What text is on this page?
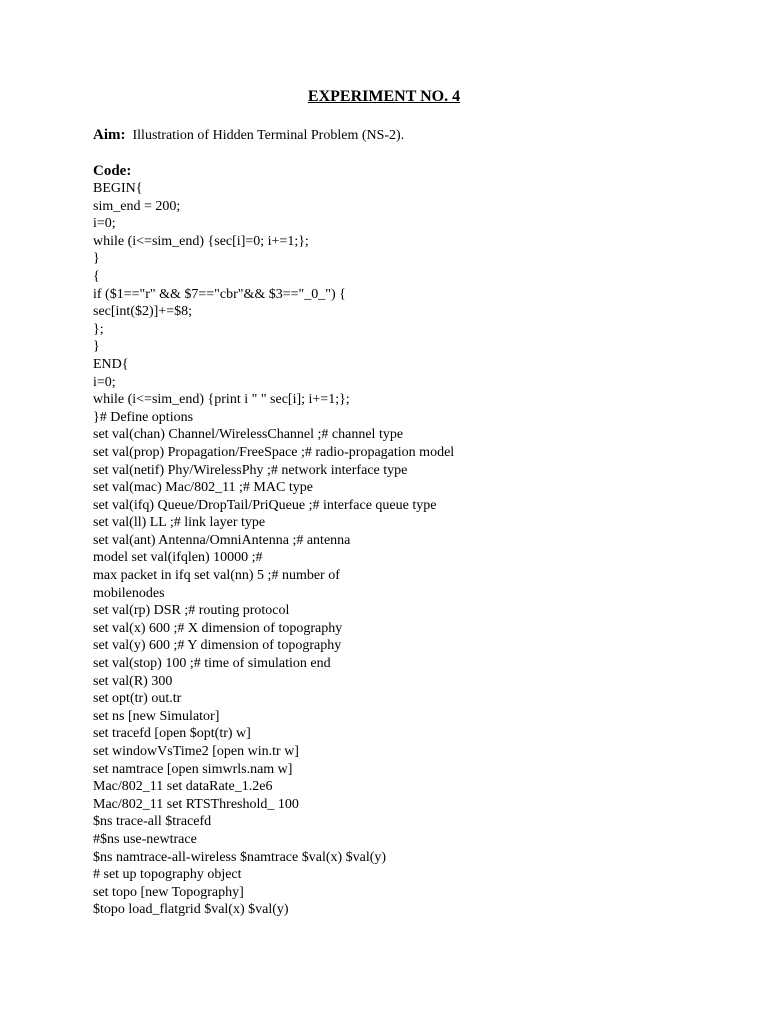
EXPERIMENT NO. 4
Aim: Illustration of Hidden Terminal Problem (NS-2).
Code:
BEGIN{
sim_end = 200;
i=0;
while (i<=sim_end) {sec[i]=0; i+=1;};
}
{
if ($1=="r" && $7=="cbr"&& $3=="_0_") {
sec[int($2)]+=$8;
};
}
END{
i=0;
while (i<=sim_end) {print i " " sec[i]; i+=1;};
}# Define options
set val(chan) Channel/WirelessChannel ;# channel type
set val(prop) Propagation/FreeSpace ;# radio-propagation model
set val(netif) Phy/WirelessPhy ;# network interface type
set val(mac) Mac/802_11 ;# MAC type
set val(ifq) Queue/DropTail/PriQueue ;# interface queue type
set val(ll) LL ;# link layer type
set val(ant) Antenna/OmniAntenna ;# antenna
model set val(ifqlen) 10000 ;#
max packet in ifq set val(nn) 5 ;# number of
mobilenodes
set val(rp) DSR ;# routing protocol
set val(x) 600 ;# X dimension of topography
set val(y) 600 ;# Y dimension of topography
set val(stop) 100 ;# time of simulation end
set val(R) 300
set opt(tr) out.tr
set ns [new Simulator]
set tracefd [open $opt(tr) w]
set windowVsTime2 [open win.tr w]
set namtrace [open simwrls.nam w]
Mac/802_11 set dataRate_1.2e6
Mac/802_11 set RTSThreshold_ 100
$ns trace-all $tracefd
#$ns use-newtrace
$ns namtrace-all-wireless $namtrace $val(x) $val(y)
# set up topography object
set topo [new Topography]
$topo load_flatgrid $val(x) $val(y)
